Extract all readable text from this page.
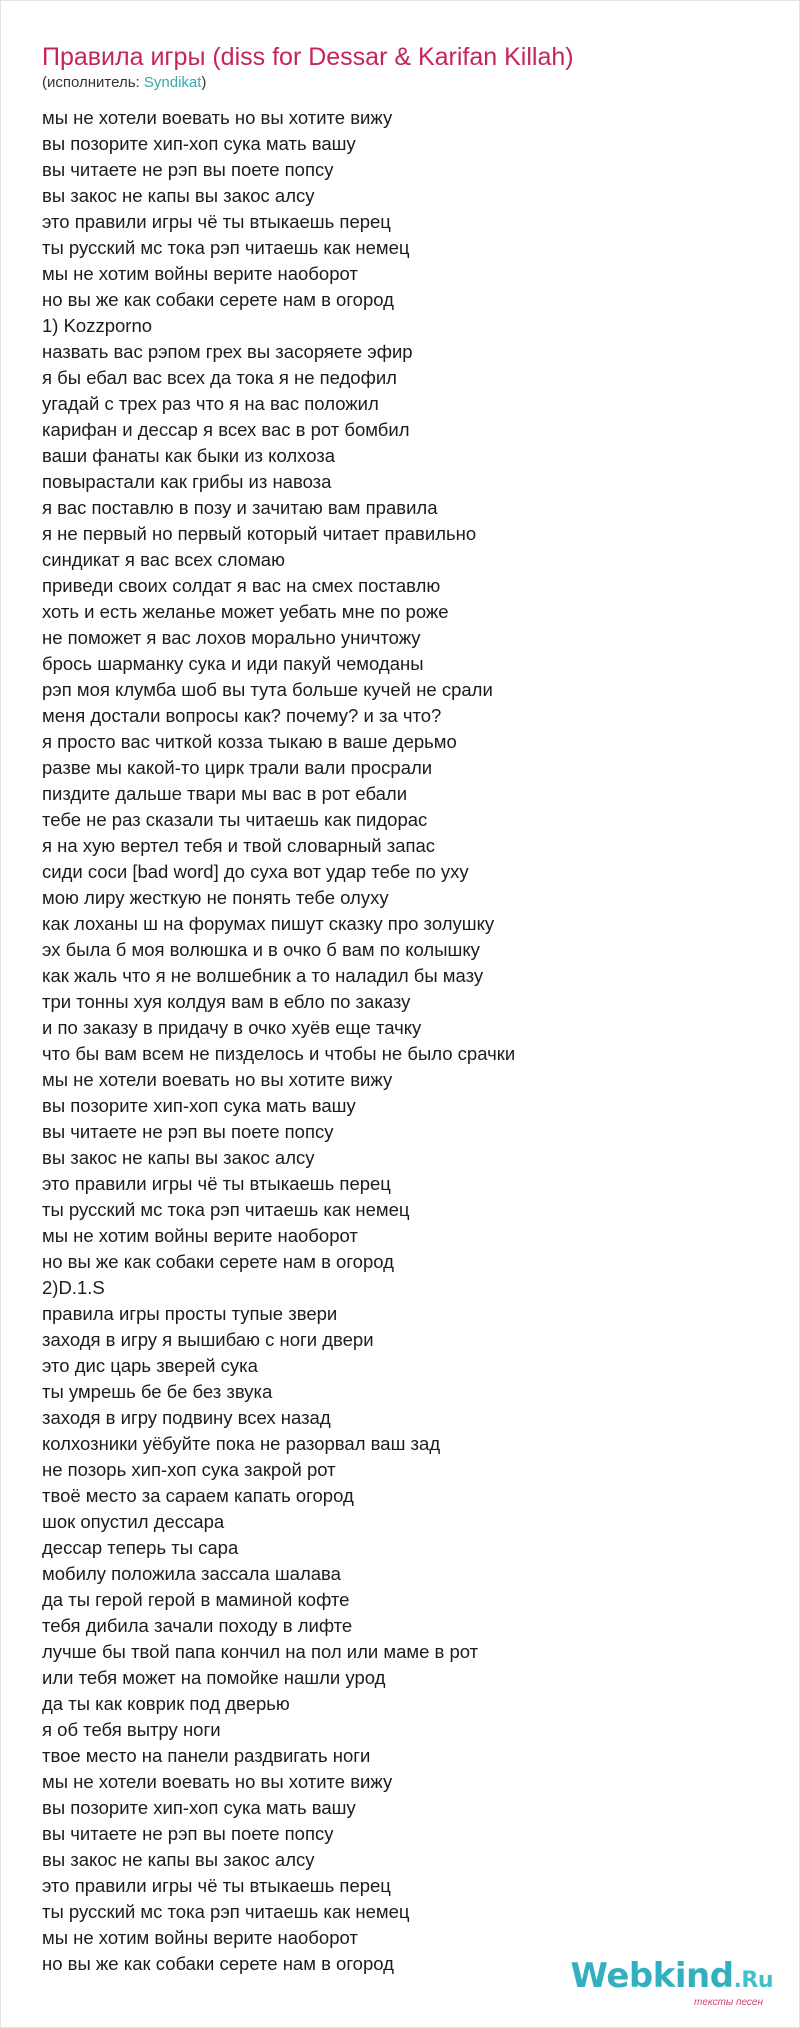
Правила игры (diss for Dessar & Karifan Killah)
(исполнитель: Syndikat)
мы не хотели воевать но вы хотите вижу
вы позорите хип-хоп сука мать вашу
вы читаете не рэп вы поете попсу
вы закос не капы вы закос алсу
это правили игры чё ты втыкаешь перец
ты русский мс тока рэп читаешь как немец
мы не хотим войны верите наоборот
но вы же как собаки серете нам в огород
1) Kozzporno
назвать вас рэпом грех вы засоряете эфир
я бы ебал вас всех да тока я не педофил
угадай с трех раз что я на вас положил
карифан и дессар я всех вас в рот бомбил
ваши фанаты как быки из колхоза
повырастали как грибы из навоза
я вас поставлю в позу и зачитаю вам правила
я не первый но первый который читает правильно
синдикат я вас всех сломаю
приведи своих солдат я вас на смех поставлю
хоть и есть желанье может уебать мне по роже
не поможет я вас лохов морально уничтожу
брось шарманку сука и иди пакуй чемоданы
рэп моя клумба шоб вы тута больше кучей не срали
меня достали вопросы как? почему? и за что?
я просто вас читкой козза тыкаю в ваше дерьмо
разве мы какой-то цирк трали вали просрали
пиздите дальше твари мы вас в рот ебали
тебе не раз сказали ты читаешь как пидорас
я на хую вертел тебя и твой словарный запас
сиди соси [bad word] до суха вот удар тебе по уху
мою лиру жесткую не понять тебе олуху
как лоханы ш на форумах пишут сказку про золушку
эх была б моя волюшка и в очко б вам по колышку
как жаль что я не волшебник а то наладил бы мазу
три тонны хуя колдуя вам в ебло по заказу
и по заказу в придачу в очко хуёв еще тачку
что бы вам всем не пизделось и чтобы не было срачки
мы не хотели воевать но вы хотите вижу
вы позорите хип-хоп сука мать вашу
вы читаете не рэп вы поете попсу
вы закос не капы вы закос алсу
это правили игры чё ты втыкаешь перец
ты русский мс тока рэп читаешь как немец
мы не хотим войны верите наоборот
но вы же как собаки серете нам в огород
2)D.1.S
правила игры просты тупые звери
заходя в игру я вышибаю с ноги двери
это дис царь зверей сука
ты умрешь бе бе без звука
заходя в игру подвину всех назад
колхозники уёбуйте пока не разорвал ваш зад
не позорь хип-хоп сука закрой рот
твоё место за сараем капать огород
шок опустил дессара
дессар теперь ты сара
мобилу положила зассала шалава
да ты герой герой в маминой кофте
тебя дибила зачали походу в лифте
лучше бы твой папа кончил на пол или маме в рот
или тебя может на помойке нашли урод
да ты как коврик под дверью
я об тебя вытру ноги
твое место на панели раздвигать ноги
мы не хотели воевать но вы хотите вижу
вы позорите хип-хоп сука мать вашу
вы читаете не рэп вы поете попсу
вы закос не капы вы закос алсу
это правили игры чё ты втыкаешь перец
ты русский мс тока рэп читаешь как немец
мы не хотим войны верите наоборот
но вы же как собаки серете нам в огород	Webkind.Ru
тексты песен
